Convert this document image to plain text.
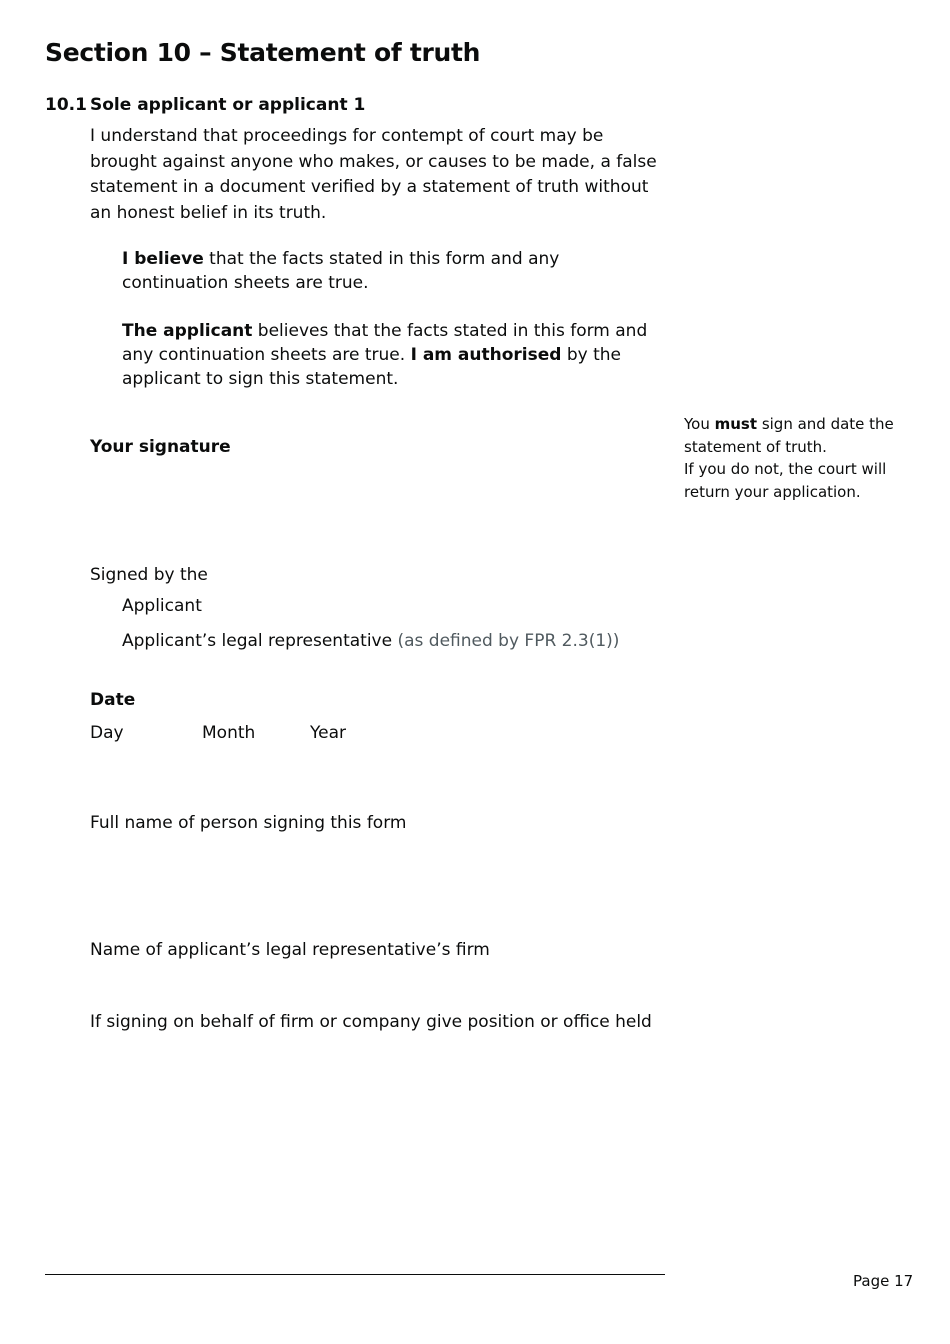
Section 10 – Statement of truth
10.1 Sole applicant or applicant 1

I understand that proceedings for contempt of court may be brought against anyone who makes, or causes to be made, a false statement in a document verified by a statement of truth without an honest belief in its truth.

I believe that the facts stated in this form and any continuation sheets are true.

The applicant believes that the facts stated in this form and any continuation sheets are true. I am authorised by the applicant to sign this statement.

Your signature
You must sign and date the statement of truth.
If you do not, the court will return your application.
Signed by the
Applicant
Applicant’s legal representative (as defined by FPR 2.3(1))
Date
Day	Month	Year
Full name of person signing this form
Name of applicant’s legal representative’s firm
If signing on behalf of firm or company give position or office held
Page 17
